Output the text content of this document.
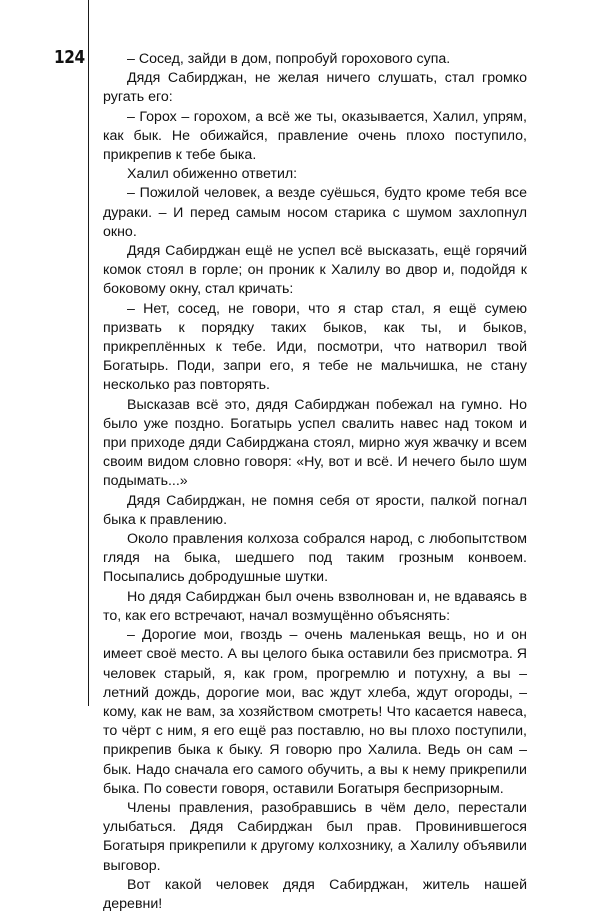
124	– Сосед, зайди в дом, попробуй горохового супа.

Дядя Сабирджан, не желая ничего слушать, стал громко ругать его:

– Горох – горохом, а всё же ты, оказывается, Халил, упрям, как бык. Не обижайся, правление очень плохо поступило, прикрепив к тебе быка.

Халил обиженно ответил:

– Пожилой человек, а везде суёшься, будто кроме тебя все дураки. – И перед самым носом старика с шумом захлопнул окно.

Дядя Сабирджан ещё не успел всё высказать, ещё горячий комок стоял в горле; он проник к Халилу во двор и, подойдя к боковому окну, стал кричать:

– Нет, сосед, не говори, что я стар стал, я ещё сумею призвать к порядку таких быков, как ты, и быков, прикреплённых к тебе. Иди, посмотри, что натворил твой Богатырь. Поди, запри его, я тебе не мальчишка, не стану несколько раз повторять.

Высказав всё это, дядя Сабирджан побежал на гумно. Но было уже поздно. Богатырь успел свалить навес над током и при приходе дяди Сабирджана стоял, мирно жуя жвачку и всем своим видом словно говоря: «Ну, вот и всё. И нечего было шум подымать...»

Дядя Сабирджан, не помня себя от ярости, палкой погнал быка к правлению.

Около правления колхоза собрался народ, с любопытством глядя на быка, шедшего под таким грозным конвоем. Посыпались добродушные шутки.

Но дядя Сабирджан был очень взволнован и, не вдаваясь в то, как его встречают, начал возмущённо объяснять:

– Дорогие мои, гвоздь – очень маленькая вещь, но и он имеет своё место. А вы целого быка оставили без присмотра. Я человек старый, я, как гром, прогремлю и потухну, а вы – летний дождь, дорогие мои, вас ждут хлеба, ждут огороды, – кому, как не вам, за хозяйством смотреть! Что касается навеса, то чёрт с ним, я его ещё раз поставлю, но вы плохо поступили, прикрепив быка к быку. Я говорю про Халила. Ведь он сам – бык. Надо сначала его самого обучить, а вы к нему прикрепили быка. По совести говоря, оставили Богатыря беспризорным.

Члены правления, разобравшись в чём дело, перестали улыбаться. Дядя Сабирджан был прав. Провинившегося Богатыря прикрепили к другому колхознику, а Халилу объявили выговор.

Вот какой человек дядя Сабирджан, житель нашей деревни!
